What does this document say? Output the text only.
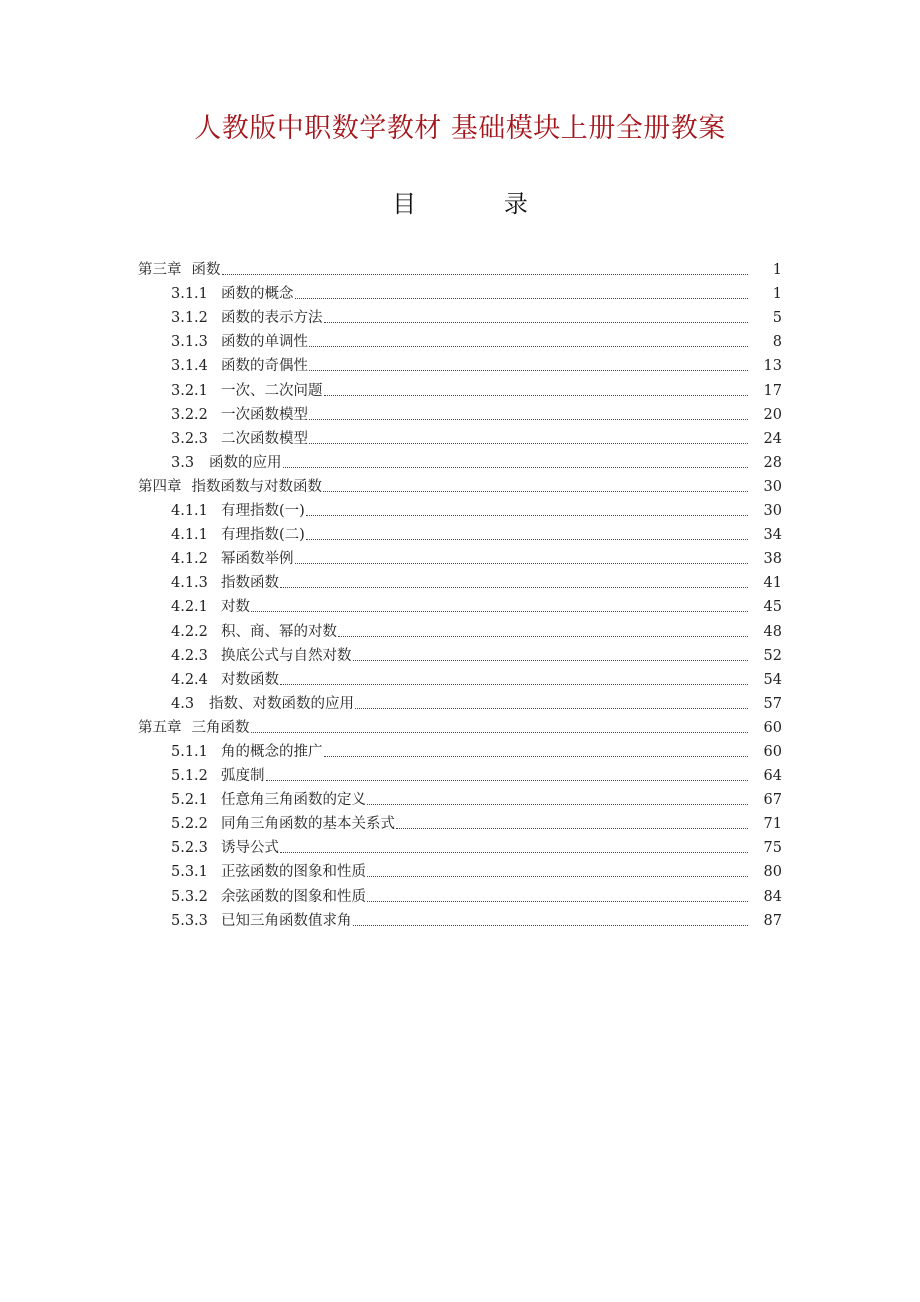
人教版中职数学教材 基础模块上册全册教案
目	录
第三章 函数	1
3.1.1 函数的概念	1
3.1.2 函数的表示方法	5
3.1.3 函数的单调性	8
3.1.4 函数的奇偶性	13
3.2.1 一次、二次问题	17
3.2.2 一次函数模型	20
3.2.3 二次函数模型	24
3.3	函数的应用	28
第四章 指数函数与对数函数	30
4.1.1 有理指数(一)	30
4.1.1 有理指数(二)	34
4.1.2 幂函数举例	38
4.1.3 指数函数	41
4.2.1 对数	45
4.2.2 积、商、幂的对数	48
4.2.3 换底公式与自然对数	52
4.2.4 对数函数	54
4.3	指数、对数函数的应用	57
第五章 三角函数	60
5.1.1 角的概念的推广	60
5.1.2 弧度制	64
5.2.1 任意角三角函数的定义	67
5.2.2 同角三角函数的基本关系式	71
5.2.3 诱导公式	75
5.3.1 正弦函数的图象和性质	80
5.3.2 余弦函数的图象和性质	84
5.3.3 已知三角函数值求角	87
